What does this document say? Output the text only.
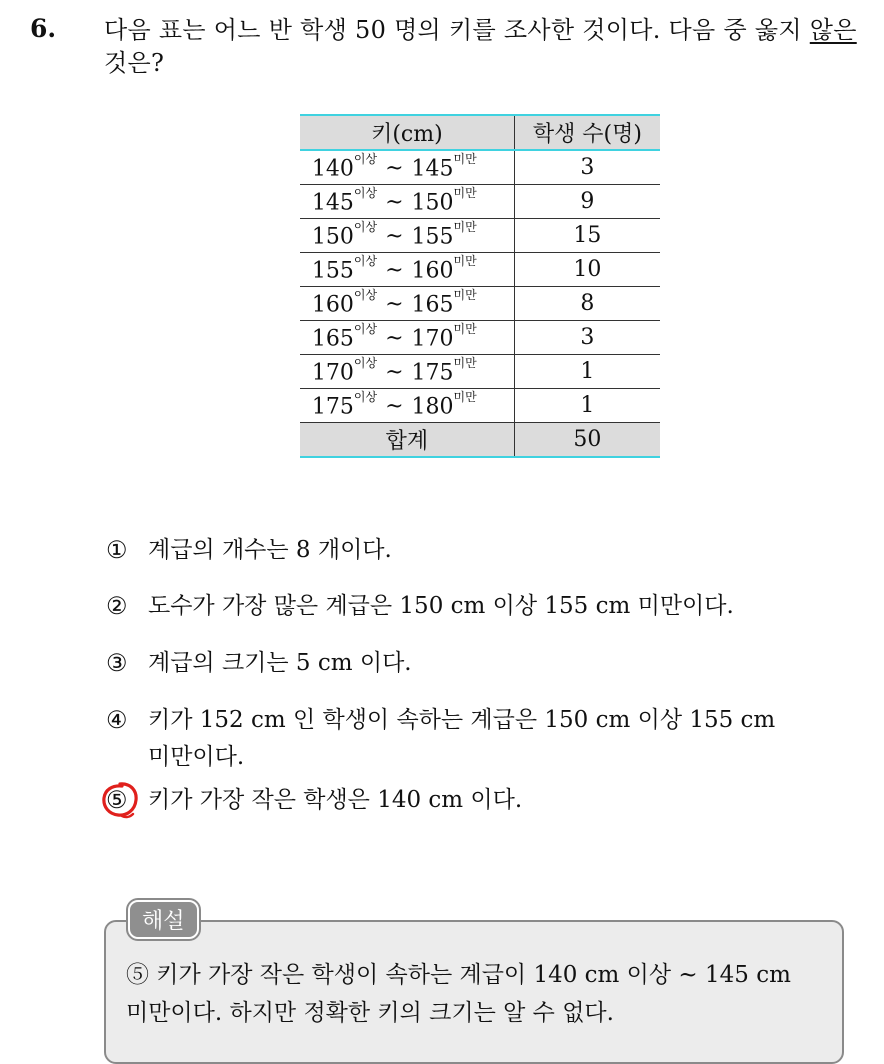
6. 다음 표는 어느 반 학생 50 명의 키를 조사한 것이다. 다음 중 옳지 않은 것은?
키(cm)	학생 수(명)
$140^{이상}$ ~ $145^{미만}$	3
$145^{이상}$ ~ $150^{미만}$	9
$150^{이상}$ ~ $155^{미만}$	15
$155^{이상}$ ~ $160^{미만}$	10
$160^{이상}$ ~ $165^{미만}$	8
$165^{이상}$ ~ $170^{미만}$	3
$170^{이상}$ ~ $175^{미만}$	1
$175^{이상}$ ~ $180^{미만}$	1
합계	50
① 계급의 개수는 8 개이다.
② 도수가 가장 많은 계급은 150 cm 이상 155 cm 미만이다.
③ 계급의 크기는 5 cm 이다.
④ 키가 152 cm 인 학생이 속하는 계급은 150 cm 이상 155 cm
미만이다.
⑤ 키가 가장 작은 학생은 140 cm 이다.
해설
⑤ 키가 가장 작은 학생이 속하는 계급이 140 cm 이상 ~ 145 cm
미만이다. 하지만 정확한 키의 크기는 알 수 없다.
